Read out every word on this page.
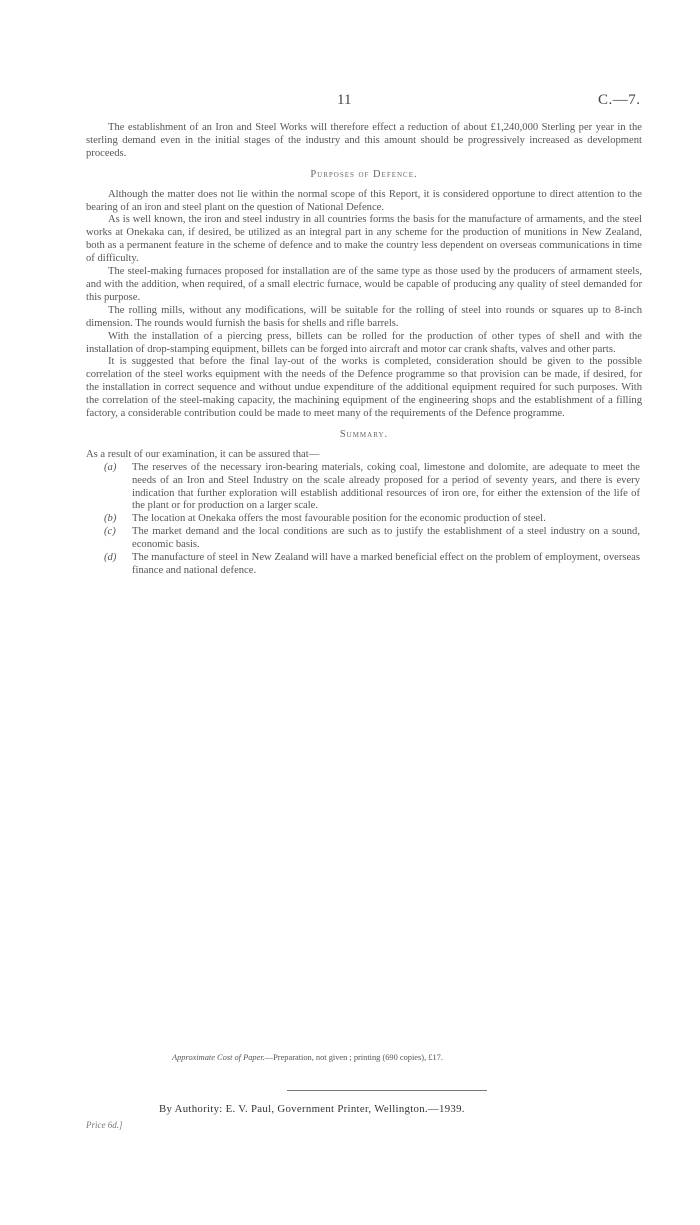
11	C.—7.

The establishment of an Iron and Steel Works will therefore effect a reduction of about £1,240,000 Sterling per year in the sterling demand even in the initial stages of the industry and this amount should be progressively increased as development proceeds.

Purposes of Defence.

Although the matter does not lie within the normal scope of this Report, it is considered opportune to direct attention to the bearing of an iron and steel plant on the question of National Defence.

As is well known, the iron and steel industry in all countries forms the basis for the manufacture of armaments, and the steel works at Onekaka can, if desired, be utilized as an integral part in any scheme for the production of munitions in New Zealand, both as a permanent feature in the scheme of defence and to make the country less dependent on overseas communications in time of difficulty.

The steel-making furnaces proposed for installation are of the same type as those used by the producers of armament steels, and with the addition, when required, of a small electric furnace, would be capable of producing any quality of steel demanded for this purpose.

The rolling mills, without any modifications, will be suitable for the rolling of steel into rounds or squares up to 8-inch dimension. The rounds would furnish the basis for shells and rifle barrels.

With the installation of a piercing press, billets can be rolled for the production of other types of shell and with the installation of drop-stamping equipment, billets can be forged into aircraft and motor car crank shafts, valves and other parts.

It is suggested that before the final lay-out of the works is completed, consideration should be given to the possible correlation of the steel works equipment with the needs of the Defence programme so that provision can be made, if desired, for the installation in correct sequence and without undue expenditure of the additional equipment required for such purposes. With the correlation of the steel-making capacity, the machining equipment of the engineering shops and the establishment of a filling factory, a considerable contribution could be made to meet many of the requirements of the Defence programme.

Summary.

As a result of our examination, it can be assured that—

(a) The reserves of the necessary iron-bearing materials, coking coal, limestone and dolomite, are adequate to meet the needs of an Iron and Steel Industry on the scale already proposed for a period of seventy years, and there is every indication that further exploration will establish additional resources of iron ore, for either the extension of the life of the plant or for production on a larger scale.
(b) The location at Onekaka offers the most favourable position for the economic production of steel.
(c) The market demand and the local conditions are such as to justify the establishment of a steel industry on a sound, economic basis.
(d) The manufacture of steel in New Zealand will have a marked beneficial effect on the problem of employment, overseas finance and national defence.
Approximate Cost of Paper.—Preparation, not given ; printing (690 copies), £17.
By Authority: E. V. Paul, Government Printer, Wellington.—1939.
Price 6d.]
